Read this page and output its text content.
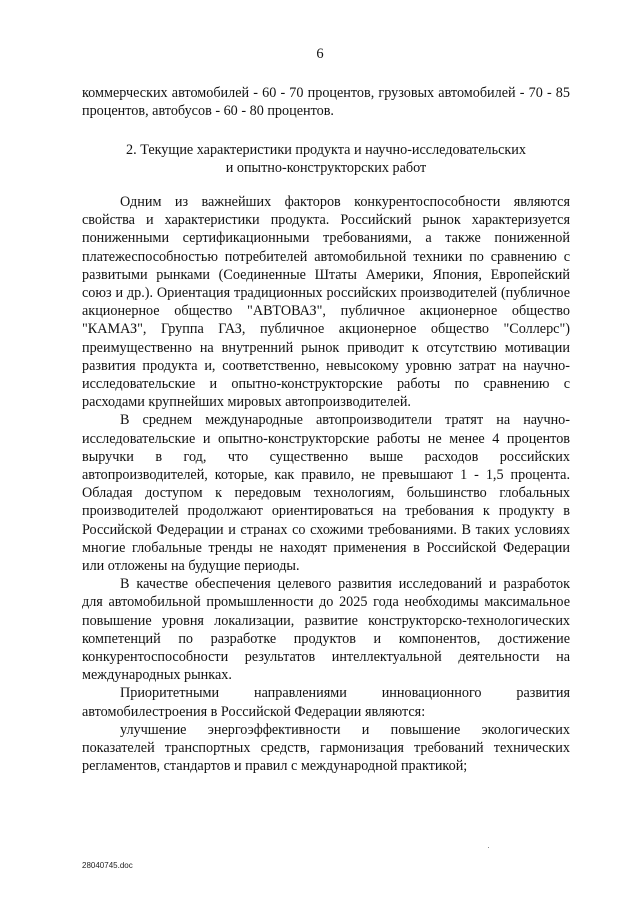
6
коммерческих автомобилей - 60 - 70 процентов, грузовых автомобилей - 70 - 85 процентов, автобусов - 60 - 80 процентов.
2. Текущие характеристики продукта и научно-исследовательских
и опытно-конструкторских работ

Одним из важнейших факторов конкурентоспособности являются свойства и характеристики продукта. Российский рынок характеризуется пониженными сертификационными требованиями, а также пониженной платежеспособностью потребителей автомобильной техники по сравнению с развитыми рынками (Соединенные Штаты Америки, Япония, Европейский союз и др.). Ориентация традиционных российских производителей (публичное акционерное общество "АВТОВАЗ", публичное акционерное общество "КАМАЗ", Группа ГАЗ, публичное акционерное общество "Соллерс") преимущественно на внутренний рынок приводит к отсутствию мотивации развития продукта и, соответственно, невысокому уровню затрат на научно-исследовательские и опытно-конструкторские работы по сравнению с расходами крупнейших мировых автопроизводителей.

В среднем международные автопроизводители тратят на научно-исследовательские и опытно-конструкторские работы не менее 4 процентов выручки в год, что существенно выше расходов российских автопроизводителей, которые, как правило, не превышают 1 - 1,5 процента. Обладая доступом к передовым технологиям, большинство глобальных производителей продолжают ориентироваться на требования к продукту в Российской Федерации и странах со схожими требованиями. В таких условиях многие глобальные тренды не находят применения в Российской Федерации или отложены на будущие периоды.

В качестве обеспечения целевого развития исследований и разработок для автомобильной промышленности до 2025 года необходимы максимальное повышение уровня локализации, развитие конструкторско-технологических компетенций по разработке продуктов и компонентов, достижение конкурентоспособности результатов интеллектуальной деятельности на международных рынках.

Приоритетными направлениями инновационного развития автомобилестроения в Российской Федерации являются:

улучшение энергоэффективности и повышение экологических показателей транспортных средств, гармонизация требований технических регламентов, стандартов и правил с международной практикой;

28040745.doc
